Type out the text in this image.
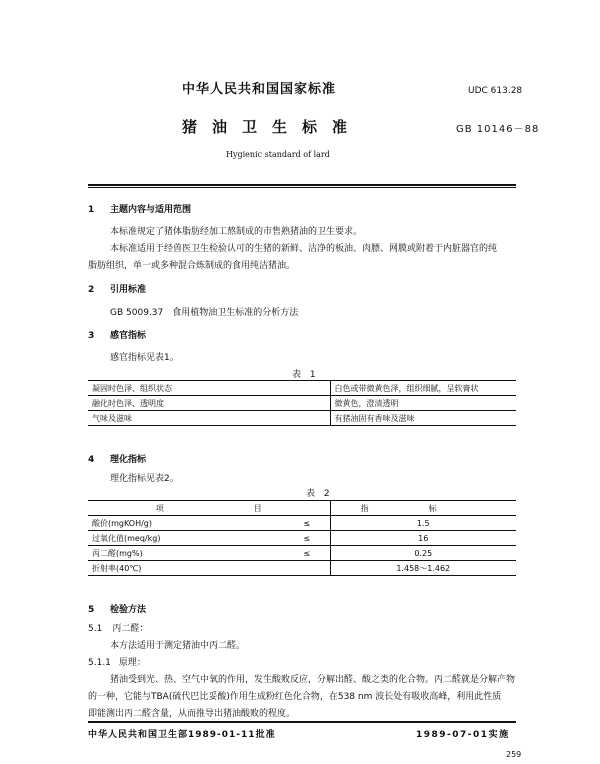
中华人民共和国国家标准	UDC 613.28
猪油卫生标准	GB 10146－88
Hygienic standard of lard
1 主题内容与适用范围
本标准规定了猪体脂肪经加工熬制成的市售熟猪油的卫生要求。
本标准适用于经兽医卫生检验认可的生猪的新鲜、洁净的板油、肉膘、网膜或附着于内脏器官的纯
脂肪组织，单一或多种混合炼制成的食用纯洁猪油。
2 引用标准
GB 5009.37　食用植物油卫生标准的分析方法
3 感官指标
感官指标见表1。
表 1
凝固时色泽、组织状态	白色或带微黄色泽，组织细腻，呈软膏状
融化时色泽、透明度	微黄色，澄清透明
气味及滋味	有猪油固有香味及滋味
4 理化指标
理化指标见表2。
表 2
项 目		指 标
酸价(mgKOH/g)	≤	1.5
过氧化值(meq/kg)	≤	16
丙二醛(mg%)	≤	0.25
折射率(40℃)		1.458～1.462
5 检验方法
5.1 丙二醛：
本方法适用于测定猪油中丙二醛。
5.1.1 原理：
猪油受到光、热、空气中氧的作用，发生酸败反应，分解出醛、酸之类的化合物。丙二醛就是分解产物
的一种，它能与TBA(硫代巴比妥酸)作用生成粉红色化合物，在538 nm 波长处有吸收高峰，利用此性质
即能测出丙二醛含量，从而推导出猪油酸败的程度。
中华人民共和国卫生部1989-01-11批准	1989-07-01实施
259
